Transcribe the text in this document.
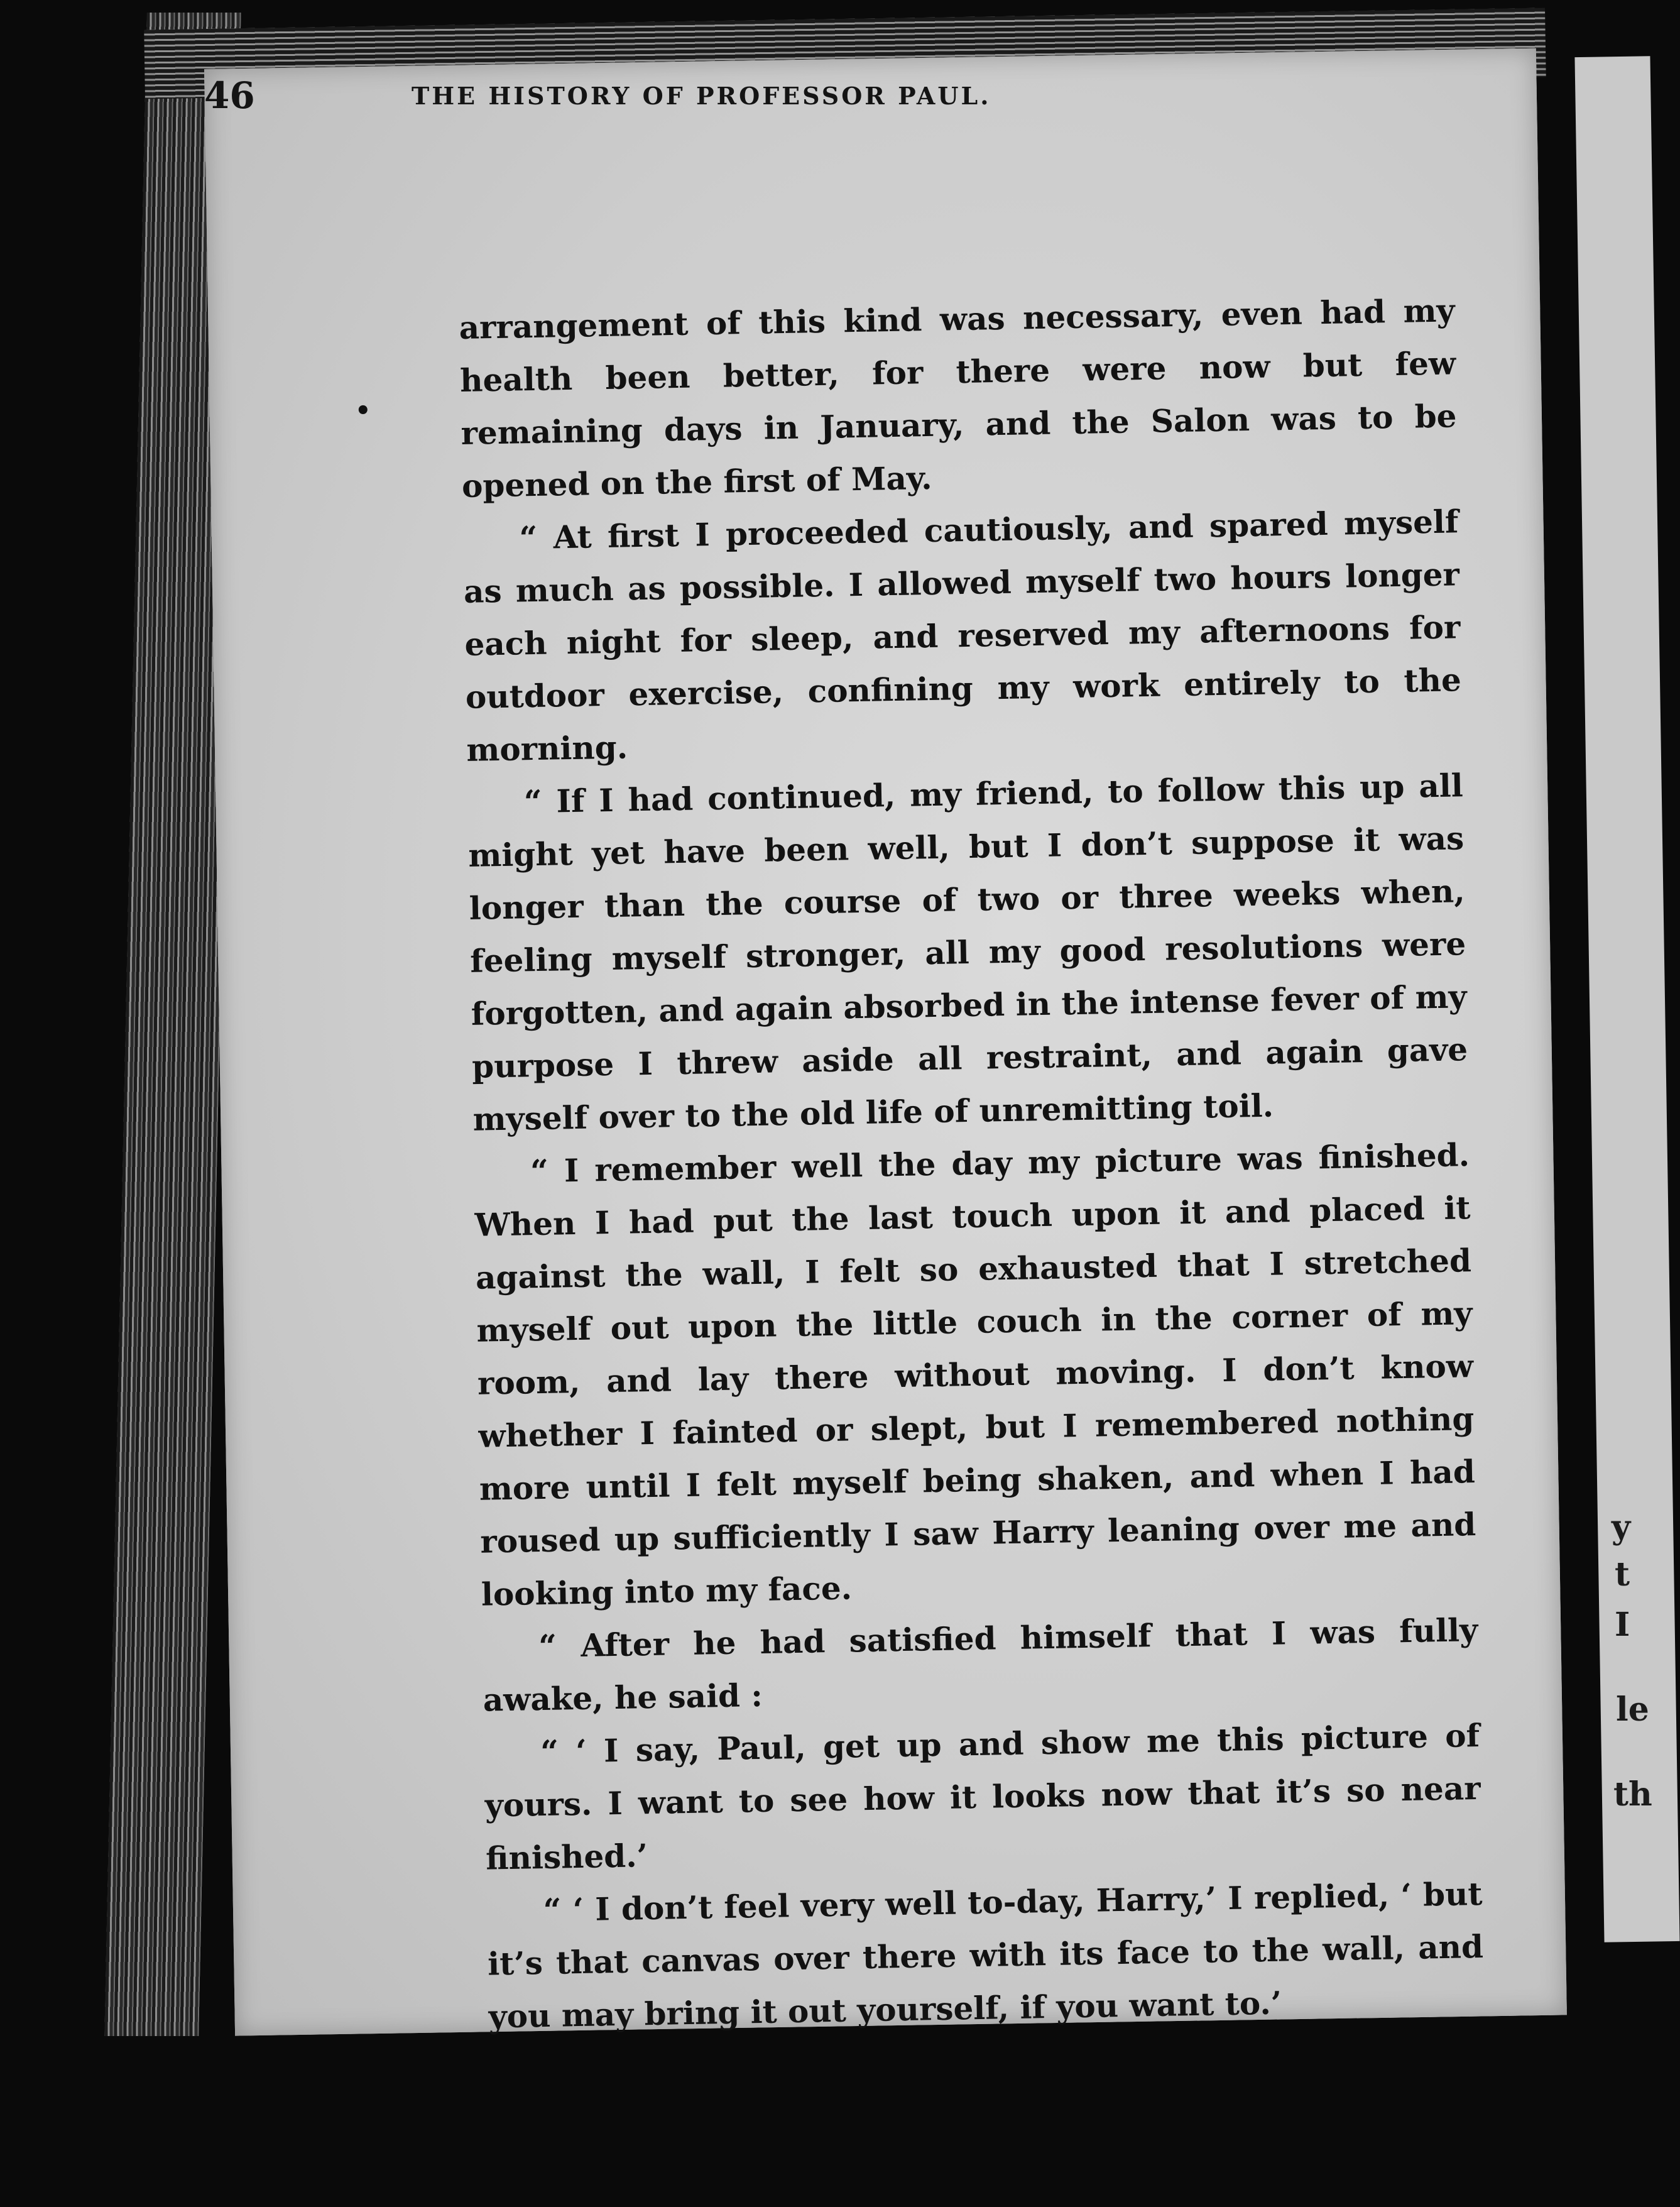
y
t
I
le
th
46	THE HISTORY OF PROFESSOR PAUL.

arrangement of this kind was necessary, even had my health been better, for there were now but few remaining days in January, and the Salon was to be opened on the first of May.

“ At first I proceeded cautiously, and spared myself as much as possible. I allowed myself two hours longer each night for sleep, and reserved my afternoons for outdoor exercise, confining my work entirely to the morning.

“ If I had continued, my friend, to follow this up all might yet have been well, but I don’t suppose it was longer than the course of two or three weeks when, feeling myself stronger, all my good resolutions were forgotten, and again absorbed in the intense fever of my purpose I threw aside all restraint, and again gave myself over to the old life of unremitting toil.

“ I remember well the day my picture was finished. When I had put the last touch upon it and placed it against the wall, I felt so exhausted that I stretched myself out upon the little couch in the corner of my room, and lay there without moving. I don’t know whether I fainted or slept, but I remembered nothing more until I felt myself being shaken, and when I had roused up sufficiently I saw Harry leaning over me and looking into my face.

“ After he had satisfied himself that I was fully awake, he said :

“ ‘ I say, Paul, get up and show me this picture of yours. I want to see how it looks now that it’s so near finished.’

“ ‘ I don’t feel very well to-day, Harry,’ I replied, ‘ but it’s that canvas over there with its face to the wall, and you may bring it out yourself, if you want to.’

•
